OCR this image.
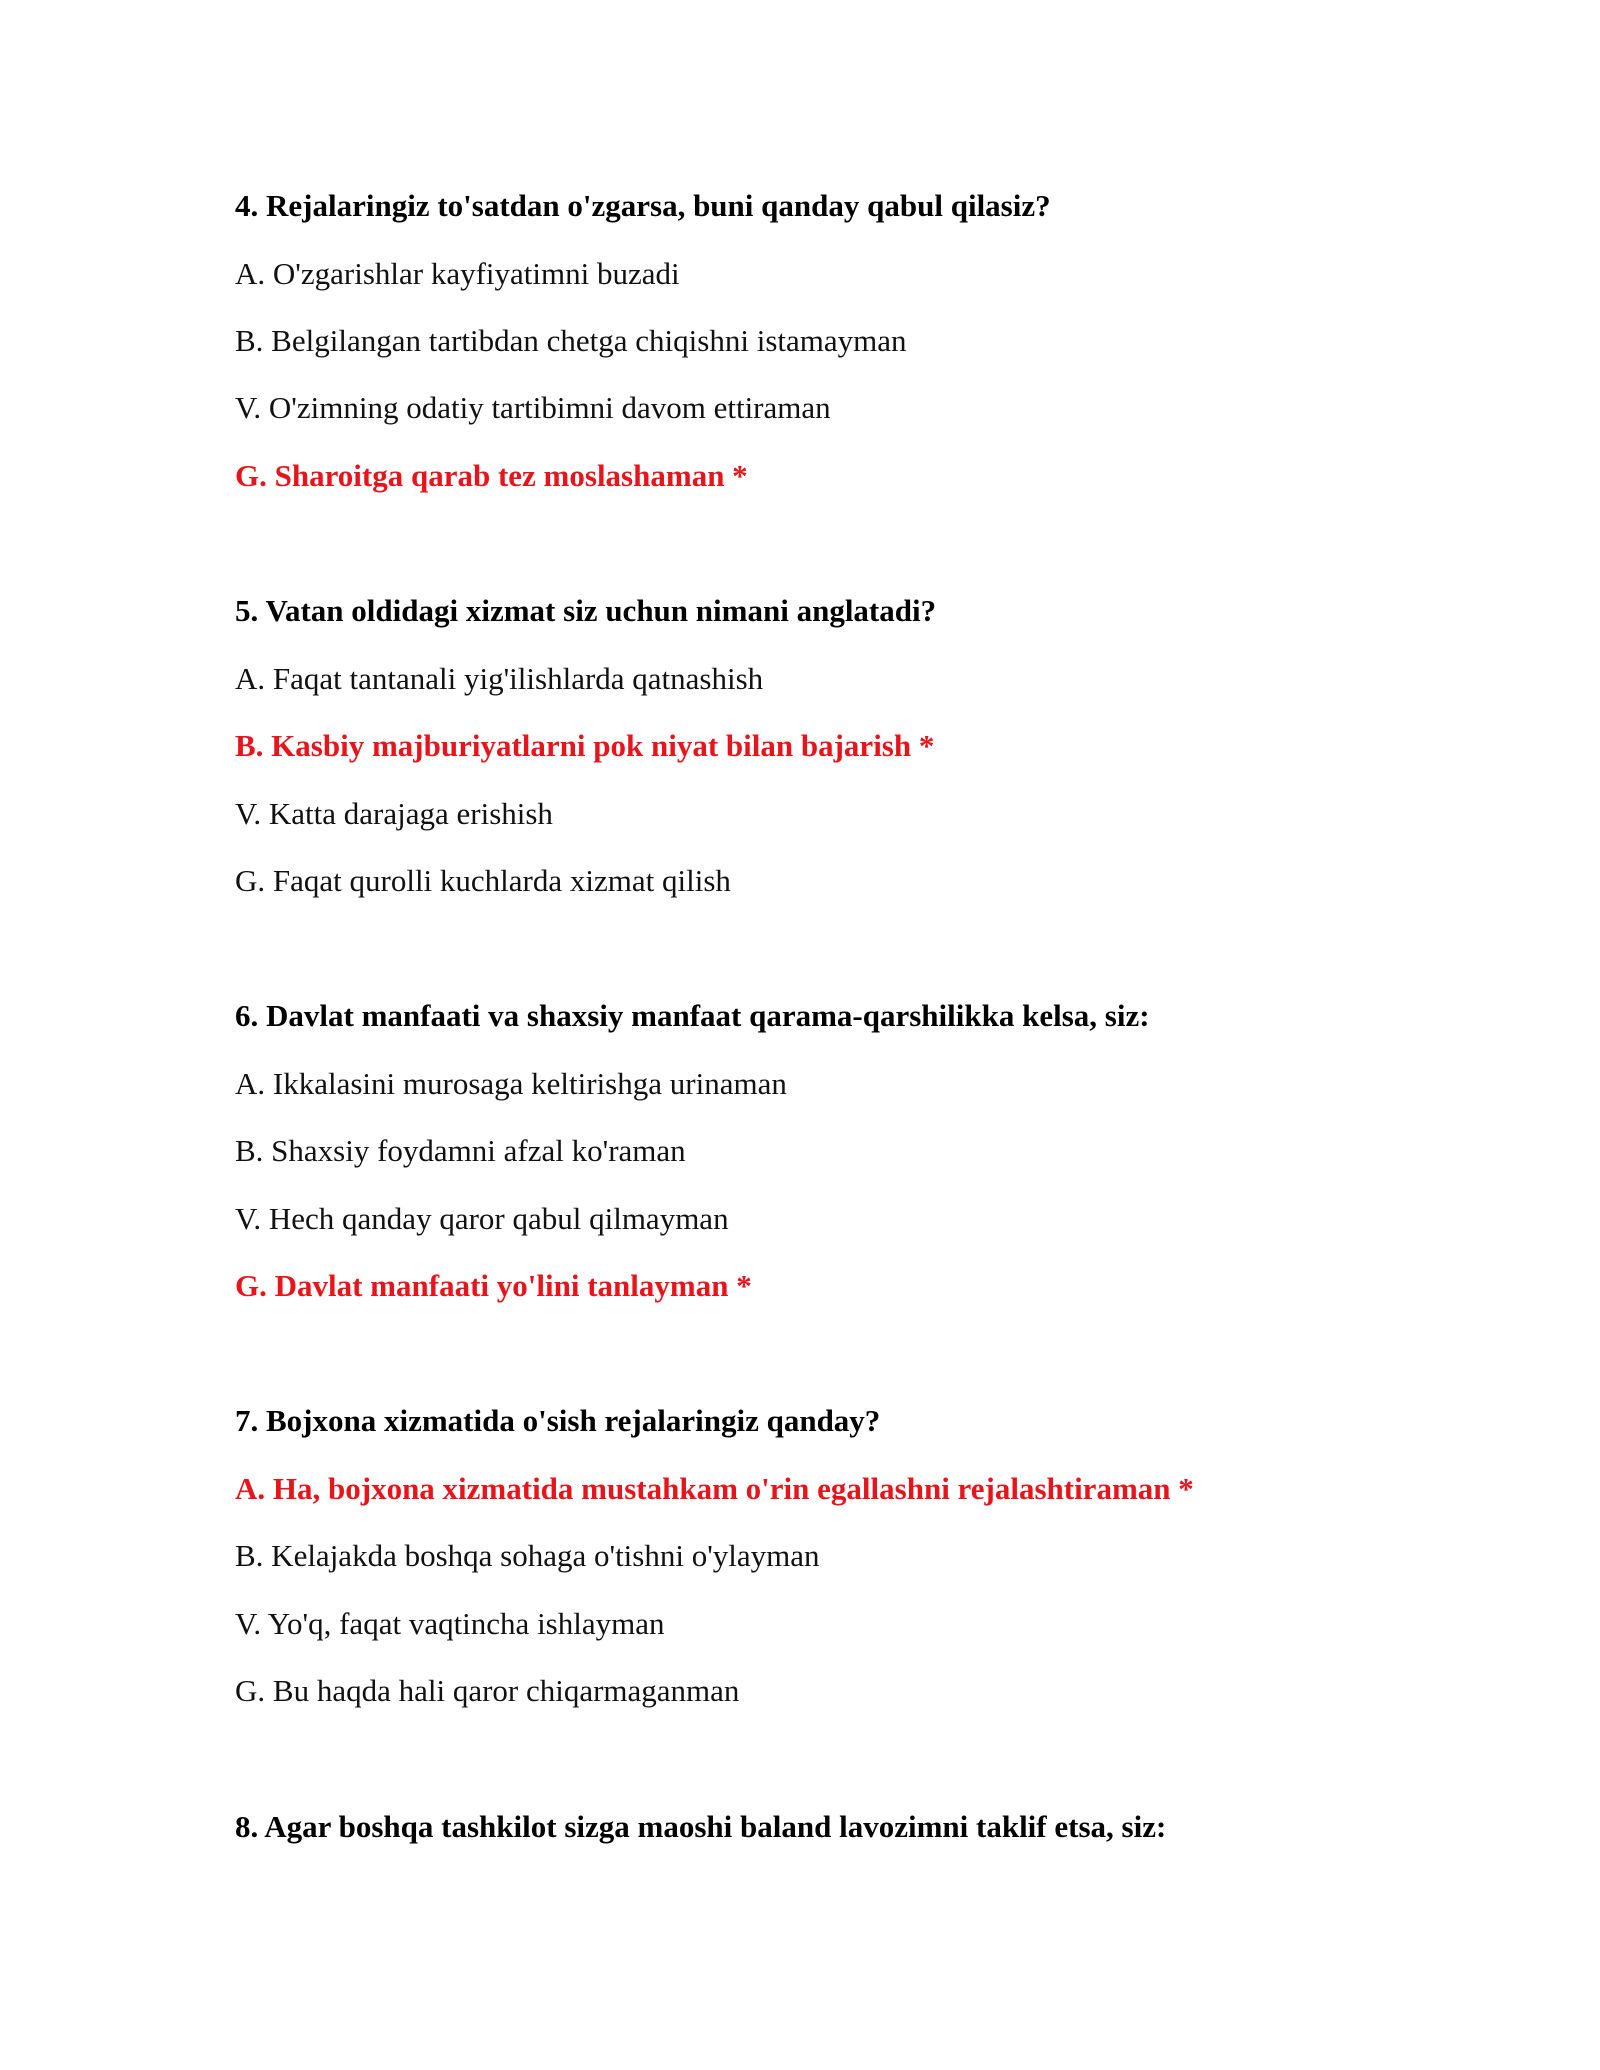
4. Rejalaringiz to'satdan o'zgarsa, buni qanday qabul qilasiz?
A. O'zgarishlar kayfiyatimni buzadi
B. Belgilangan tartibdan chetga chiqishni istamayman
V. O'zimning odatiy tartibimni davom ettiraman
G. Sharoitga qarab tez moslashaman *
5. Vatan oldidagi xizmat siz uchun nimani anglatadi?
A. Faqat tantanali yig'ilishlarda qatnashish
B. Kasbiy majburiyatlarni pok niyat bilan bajarish *
V. Katta darajaga erishish
G. Faqat qurolli kuchlarda xizmat qilish
6. Davlat manfaati va shaxsiy manfaat qarama-qarshilikka kelsa, siz:
A. Ikkalasini murosaga keltirishga urinaman
B. Shaxsiy foydamni afzal ko'raman
V. Hech qanday qaror qabul qilmayman
G. Davlat manfaati yo'lini tanlayman *
7. Bojxona xizmatida o'sish rejalaringiz qanday?
A. Ha, bojxona xizmatida mustahkam o'rin egallashni rejalashtiraman *
B. Kelajakda boshqa sohaga o'tishni o'ylayman
V. Yo'q, faqat vaqtincha ishlayman
G. Bu haqda hali qaror chiqarmaganman
8. Agar boshqa tashkilot sizga maoshi baland lavozimni taklif etsa, siz:
